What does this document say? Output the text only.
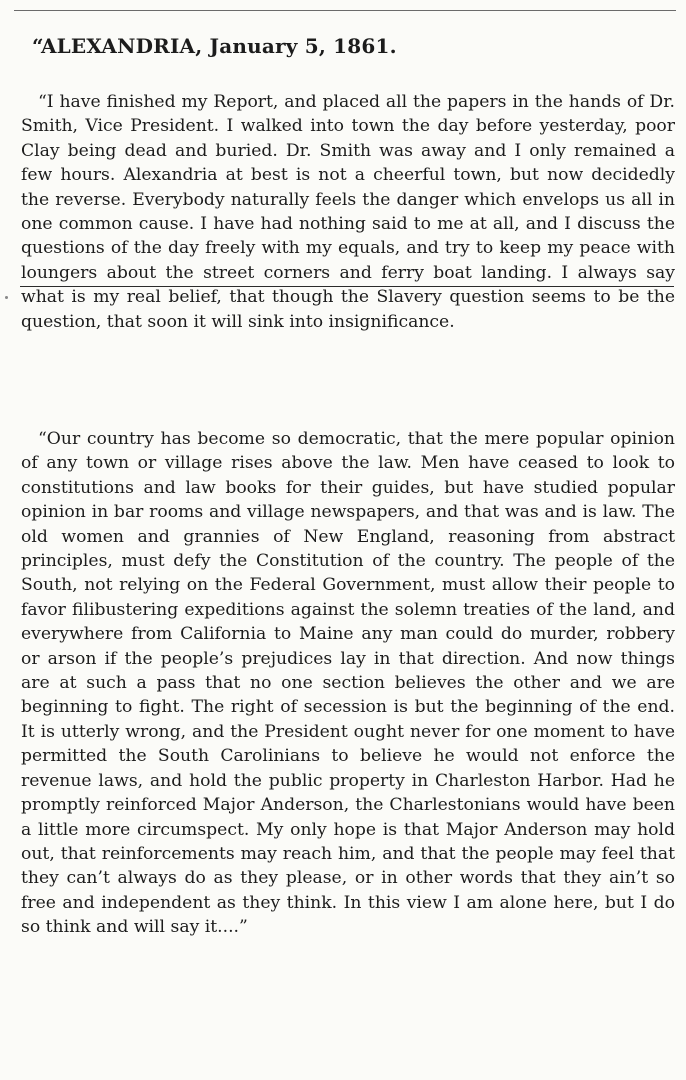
“ALEXANDRIA, January 5, 1861.

“I have finished my Report, and placed all the papers in the hands of Dr. Smith, Vice President. I walked into town the day before yesterday, poor Clay being dead and buried. Dr. Smith was away and I only remained a few hours. Alexandria at best is not a cheerful town, but now decidedly the reverse. Everybody naturally feels the danger which envelops us all in one common cause. I have had nothing said to me at all, and I discuss the questions of the day freely with my equals, and try to keep my peace with loungers about the street corners and ferry boat landing. I always say what is my real belief, that though the Slavery question seems to be the question, that soon it will sink into insignificance.

“Our country has become so democratic, that the mere popular opinion of any town or village rises above the law. Men have ceased to look to constitutions and law books for their guides, but have studied popular opinion in bar rooms and village newspapers, and that was and is law. The old women and grannies of New England, reasoning from abstract principles, must defy the Constitution of the country. The people of the South, not relying on the Federal Government, must allow their people to favor filibustering expeditions against the solemn treaties of the land, and everywhere from California to Maine any man could do murder, robbery or arson if the people’s prejudices lay in that direction. And now things are at such a pass that no one section believes the other and we are beginning to fight. The right of secession is but the beginning of the end. It is utterly wrong, and the President ought never for one moment to have permitted the South Carolinians to believe he would not enforce the revenue laws, and hold the public property in Charleston Harbor. Had he promptly reinforced Major Anderson, the Charlestonians would have been a little more circumspect. My only hope is that Major Anderson may hold out, that reinforcements may reach him, and that the people may feel that they can’t always do as they please, or in other words that they ain’t so free and independent as they think. In this view I am alone here, but I do so think and will say it....”
